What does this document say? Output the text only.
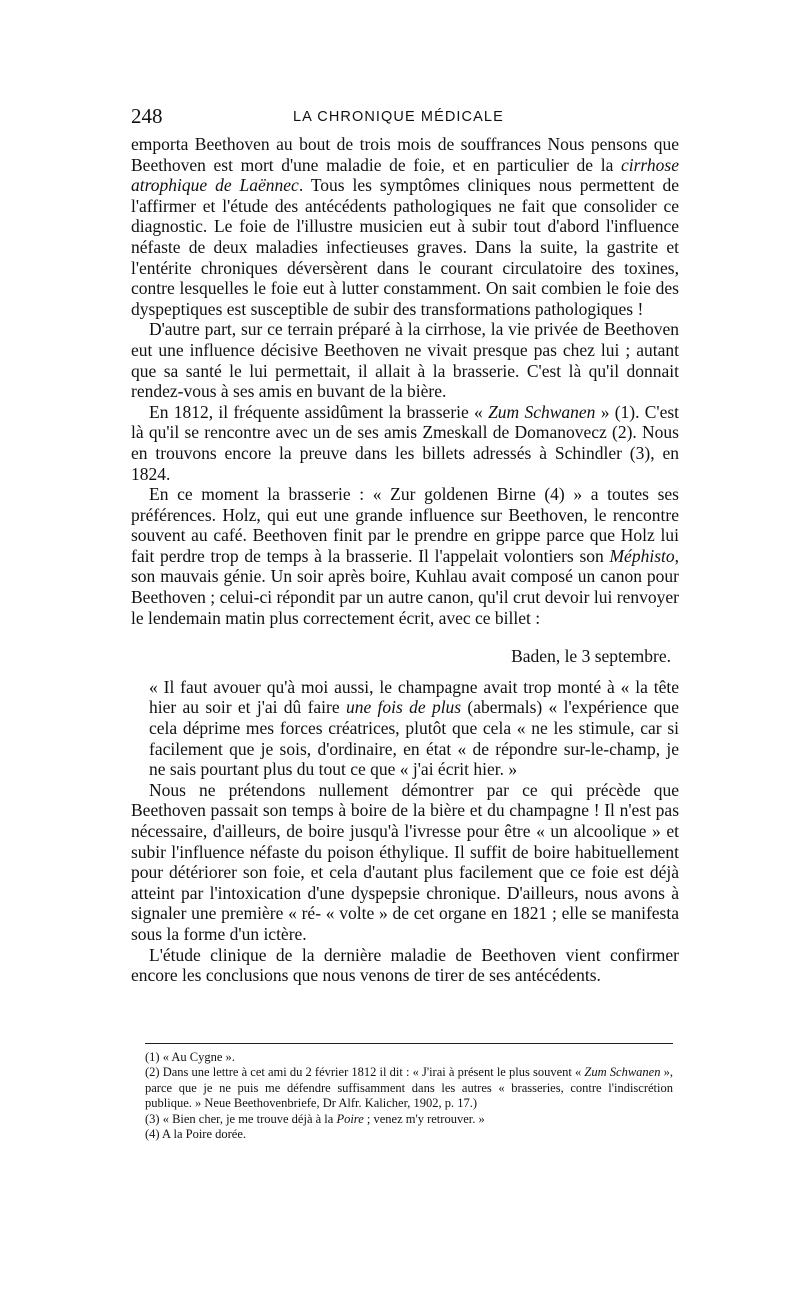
248	LA CHRONIQUE MÉDICALE

emporta Beethoven au bout de trois mois de souffrances Nous pensons que Beethoven est mort d'une maladie de foie, et en particulier de la cirrhose atrophique de Laënnec. Tous les symptômes cliniques nous permettent de l'affirmer et l'étude des antécédents pathologiques ne fait que consolider ce diagnostic. Le foie de l'illustre musicien eut à subir tout d'abord l'influence néfaste de deux maladies infectieuses graves. Dans la suite, la gastrite et l'entérite chroniques déversèrent dans le courant circulatoire des toxines, contre lesquelles le foie eut à lutter constamment. On sait combien le foie des dyspeptiques est susceptible de subir des transformations pathologiques !

D'autre part, sur ce terrain préparé à la cirrhose, la vie privée de Beethoven eut une influence décisive Beethoven ne vivait presque pas chez lui ; autant que sa santé le lui permettait, il allait à la brasserie. C'est là qu'il donnait rendez-vous à ses amis en buvant de la bière.

En 1812, il fréquente assidûment la brasserie « Zum Schwanen » (1). C'est là qu'il se rencontre avec un de ses amis Zmeskall de Domanovecz (2). Nous en trouvons encore la preuve dans les billets adressés à Schindler (3), en 1824.

En ce moment la brasserie : « Zur goldenen Birne (4) » a toutes ses préférences. Holz, qui eut une grande influence sur Beethoven, le rencontre souvent au café. Beethoven finit par le prendre en grippe parce que Holz lui fait perdre trop de temps à la brasserie. Il l'appelait volontiers son Méphisto, son mauvais génie. Un soir après boire, Kuhlau avait composé un canon pour Beethoven ; celui-ci répondit par un autre canon, qu'il crut devoir lui renvoyer le lendemain matin plus correctement écrit, avec ce billet :

Baden, le 3 septembre.

« Il faut avouer qu'à moi aussi, le champagne avait trop monté à « la tête hier au soir et j'ai dû faire une fois de plus (abermals) « l'expérience que cela déprime mes forces créatrices, plutôt que cela « ne les stimule, car si facilement que je sois, d'ordinaire, en état « de répondre sur-le-champ, je ne sais pourtant plus du tout ce que « j'ai écrit hier. »

Nous ne prétendons nullement démontrer par ce qui précède que Beethoven passait son temps à boire de la bière et du champagne ! Il n'est pas nécessaire, d'ailleurs, de boire jusqu'à l'ivresse pour être « un alcoolique » et subir l'influence néfaste du poison éthylique. Il suffit de boire habituellement pour détériorer son foie, et cela d'autant plus facilement que ce foie est déjà atteint par l'intoxication d'une dyspepsie chronique. D'ailleurs, nous avons à signaler une première « ré- « volte » de cet organe en 1821 ; elle se manifesta sous la forme d'un ictère.

L'étude clinique de la dernière maladie de Beethoven vient confirmer encore les conclusions que nous venons de tirer de ses antécédents.

(1) « Au Cygne ».

(2) Dans une lettre à cet ami du 2 février 1812 il dit : « J'irai à présent le plus souvent « Zum Schwanen », parce que je ne puis me défendre suffisamment dans les autres « brasseries, contre l'indiscrétion publique. » Neue Beethovenbriefe, Dr Alfr. Kalicher, 1902, p. 17.)

(3) « Bien cher, je me trouve déjà à la Poire ; venez m'y retrouver. »

(4) A la Poire dorée.
